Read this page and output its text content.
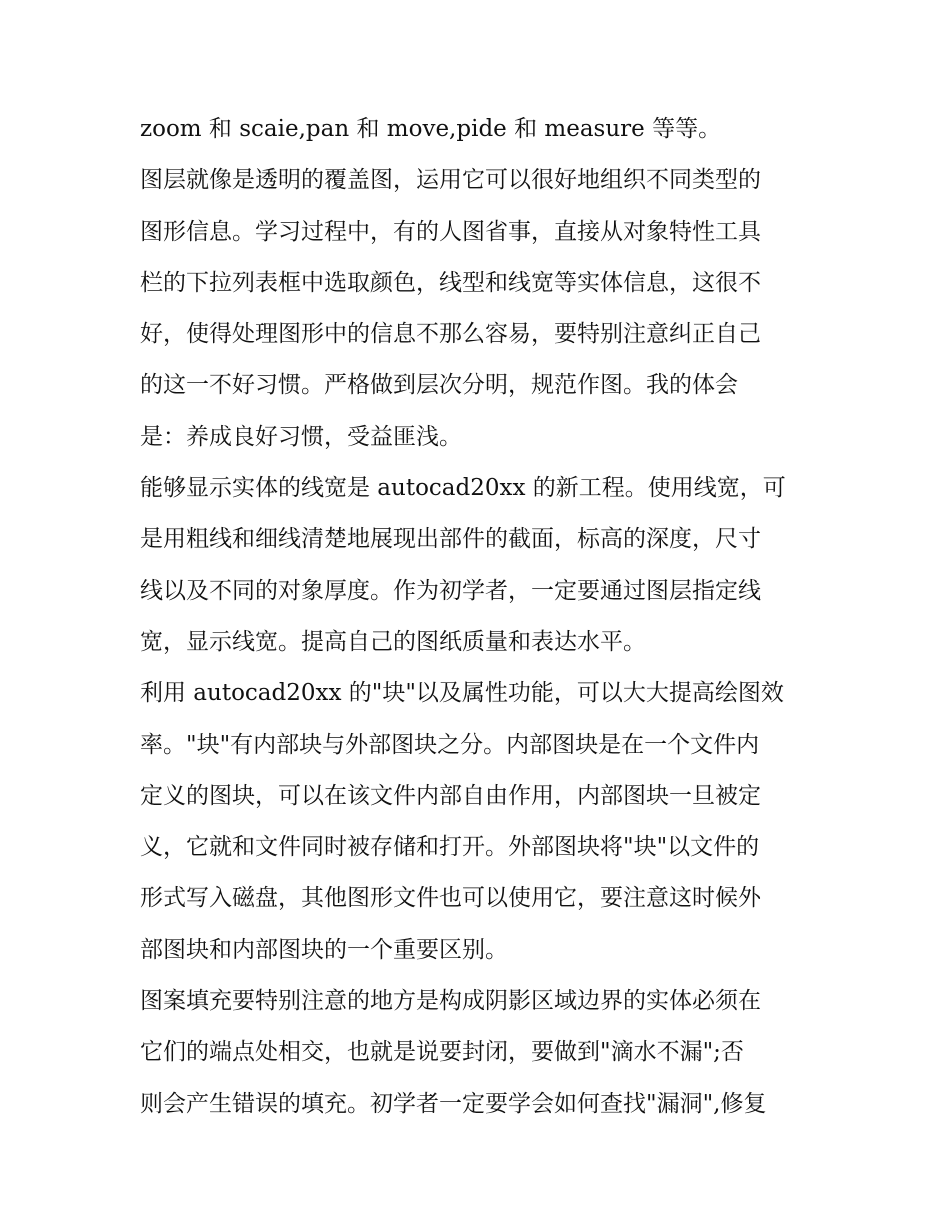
zoom 和 scaie,pan 和 move,pide 和 measure 等等。
图层就像是透明的覆盖图，运用它可以很好地组织不同类型的
图形信息。学习过程中，有的人图省事，直接从对象特性工具
栏的下拉列表框中选取颜色，线型和线宽等实体信息，这很不
好，使得处理图形中的信息不那么容易，要特别注意纠正自己
的这一不好习惯。严格做到层次分明，规范作图。我的体会
是：养成良好习惯，受益匪浅。
能够显示实体的线宽是 autocad20xx 的新工程。使用线宽，可
是用粗线和细线清楚地展现出部件的截面，标高的深度，尺寸
线以及不同的对象厚度。作为初学者，一定要通过图层指定线
宽，显示线宽。提高自己的图纸质量和表达水平。
利用 autocad20xx 的"块"以及属性功能，可以大大提高绘图效
率。"块"有内部块与外部图块之分。内部图块是在一个文件内
定义的图块，可以在该文件内部自由作用，内部图块一旦被定
义，它就和文件同时被存储和打开。外部图块将"块"以文件的
形式写入磁盘，其他图形文件也可以使用它，要注意这时候外
部图块和内部图块的一个重要区别。
图案填充要特别注意的地方是构成阴影区域边界的实体必须在
它们的端点处相交，也就是说要封闭，要做到"滴水不漏";否
则会产生错误的填充。初学者一定要学会如何查找"漏洞",修复
